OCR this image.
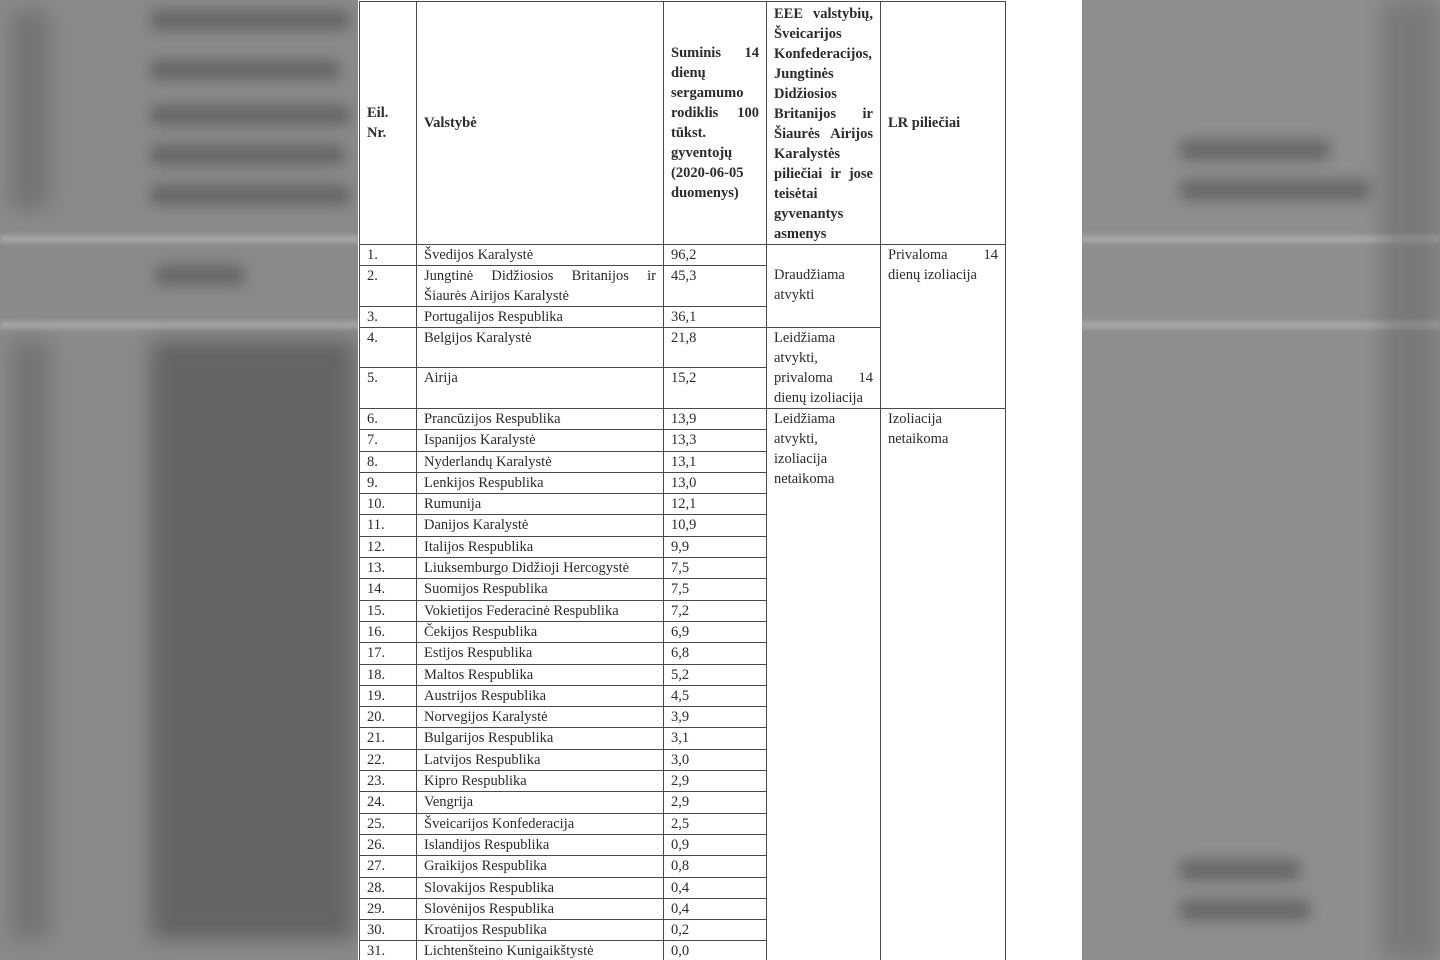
Eil. Nr.	Valstybė	Suminis 14 dienų sergamumo rodiklis 100 tūkst. gyventojų (2020-06-05 duomenys)	EEE valstybių, Šveicarijos Konfederacijos, Jungtinės Didžiosios Britanijos ir Šiaurės Airijos Karalystės piliečiai ir jose teisėtai gyvenantys asmenys	LR piliečiai
1.	Švedijos Karalystė	96,2	Draudžiama atvykti	Privaloma 14 dienų izoliacija
2.	Jungtinė Didžiosios Britanijos ir Šiaurės Airijos Karalystė	45,3		
3.	Portugalijos Respublika	36,1		
4.	Belgijos Karalystė	21,8	Leidžiama atvykti, privaloma 14 dienų izoliacija	
5.	Airija	15,2		
6.	Prancūzijos Respublika	13,9	Leidžiama atvykti, izoliacija netaikoma	Izoliacija netaikoma
7.	Ispanijos Karalystė	13,3		
8.	Nyderlandų Karalystė	13,1		
9.	Lenkijos Respublika	13,0		
10.	Rumunija	12,1		
11.	Danijos Karalystė	10,9		
12.	Italijos Respublika	9,9		
13.	Liuksemburgo Didžioji Hercogystė	7,5		
14.	Suomijos Respublika	7,5		
15.	Vokietijos Federacinė Respublika	7,2		
16.	Čekijos Respublika	6,9		
17.	Estijos Respublika	6,8		
18.	Maltos Respublika	5,2		
19.	Austrijos Respublika	4,5		
20.	Norvegijos Karalystė	3,9		
21.	Bulgarijos Respublika	3,1		
22.	Latvijos Respublika	3,0		
23.	Kipro Respublika	2,9		
24.	Vengrija	2,9		
25.	Šveicarijos Konfederacija	2,5		
26.	Islandijos Respublika	0,9		
27.	Graikijos Respublika	0,8		
28.	Slovakijos Respublika	0,4		
29.	Slovėnijos Respublika	0,4		
30.	Kroatijos Respublika	0,2		
31.	Lichtenšteino Kunigaikštystė	0,0		
